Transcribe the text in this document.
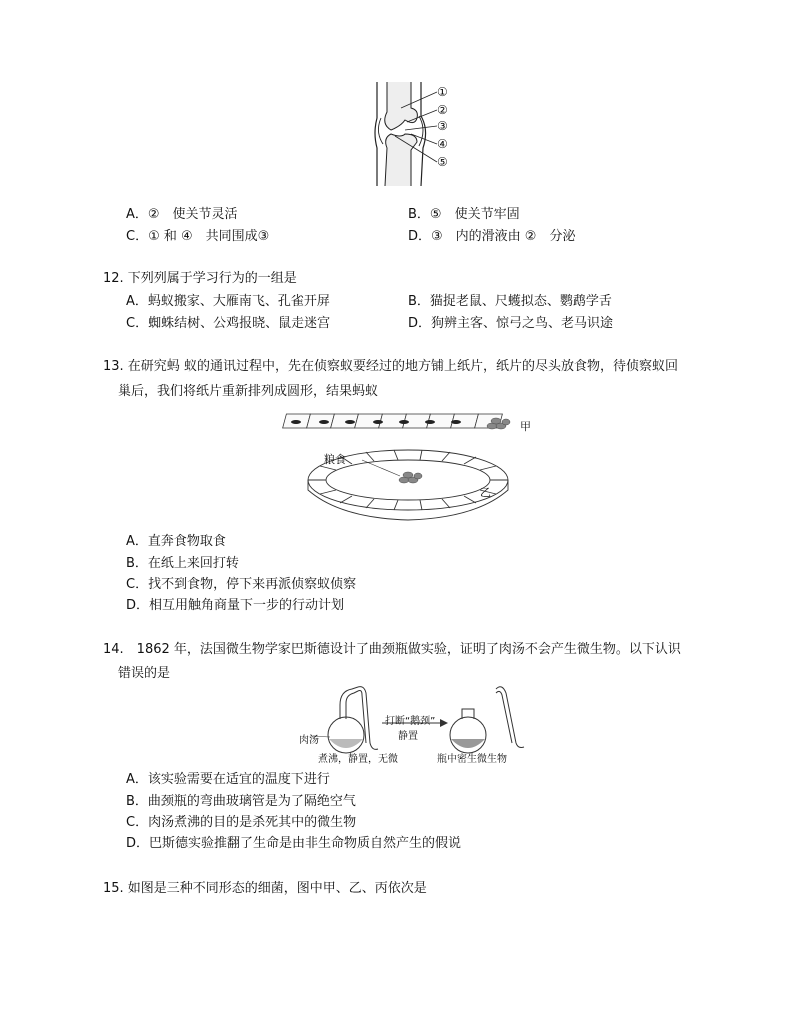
①
②
③
④
⑤
A．②　使关节灵活	B．⑤　使关节牢固
C．① 和 ④　共同围成③	D．③　内的滑液由 ②　分泌
12. 下列列属于学习行为的一组是
A．蚂蚁搬家、大雁南飞、孔雀开屏	B．猫捉老鼠、尺蠖拟态、鹦鹉学舌
C．蜘蛛结树、公鸡报晓、鼠走迷宫	D．狗辨主客、惊弓之鸟、老马识途
13. 在研究蚂 蚁的通讯过程中，先在侦察蚁要经过的地方铺上纸片，纸片的尽头放食物，待侦察蚁回
巢后，我们将纸片重新排列成圆形，结果蚂蚁
甲
粮食
乙
A．直奔食物取食
B．在纸上来回打转
C．找不到食物，停下来再派侦察蚁侦察
D．相互用触角商量下一步的行动计划
14.　1862 年，法国微生物学家巴斯德设计了曲颈瓶做实验，证明了肉汤不会产生微生物。以下认识
错误的是
肉汤
煮沸，静置，无微
打断“鹅颈”
静置
瓶中密生微生物
A．该实验需要在适宜的温度下进行
B．曲颈瓶的弯曲玻璃管是为了隔绝空气
C．肉汤煮沸的目的是杀死其中的微生物
D．巴斯德实验推翻了生命是由非生命物质自然产生的假说
15. 如图是三种不同形态的细菌，图中甲、乙、丙依次是
